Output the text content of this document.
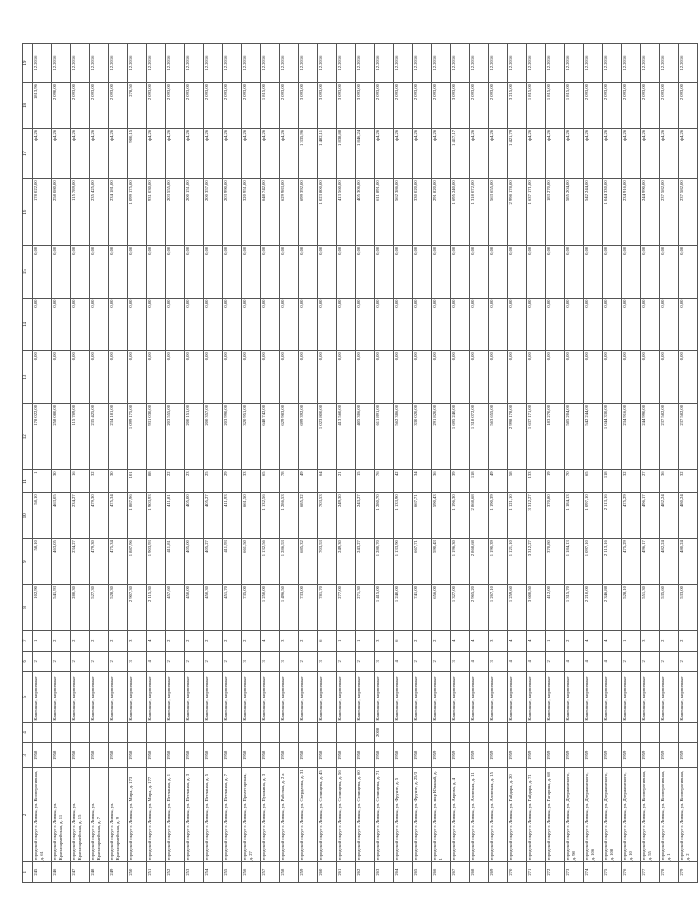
1	2	3	4	5	6	7	8	9	10	11	12	13	14	15	16	17	18	19
245	городской округ г. Ливны, ул. Кооперативная, д. 61	1958		Каменные, кирпичные	2	1	102,90	58,10	58,10	1	178 022,00	0,00	0,00	0,00	178 022,00	ф4,26	1813,96	12.2016
246	городской округ г. Ливны, ул. Красноармейская, д. 11	1958		Каменные, кирпичные	2	2	541,93	463,05	463,05	30	258 080,00	0,00	0,00	0,00	258 080,00	ф4,26	2 090,00	12.2016
247	городской округ г. Ливны, ул. Красноармейская, д. 15	1958		Каменные, кирпичные	2	2	280,30	234,27	234,27	16	115 789,00	0,00	0,00	0,00	115 789,00	ф4,26	2 093,00	12.2016
248	городской округ г. Ливны, ул. Красноармейская, д. 7	1958		Каменные, кирпичные	2	2	527,30	479,30	479,30	32	235 425,00	0,00	0,00	0,00	235 425,00	ф4,26	2 093,00	12.2016
249	городской округ г. Ливны, ул. Красноармейская, д. 9	1958		Каменные, кирпичные	2	2	528,30	475,34	475,34	30	234 181,00	0,00	0,00	0,00	234 181,00	ф4,26	2 093,00	12.2016
250	городской округ г. Ливны, ул. Мира, д. 173	1958		Каменные, кирпичные	3	3	2 907,30	1 887,96	1 887,96	101	1 099 175,00	0,00	0,00	0,00	1 099 175,00	900,15	278,50	12.2016
251	городской округ г. Ливны, ул. Мира, д. 177	1958		Каменные, кирпичные	4	4	2 115,30	1 903,93	1 903,93	88	931 030,00	0,00	0,00	0,00	931 030,00	ф4,26	2 093,00	12.2016
252	городской округ г. Ливны, ул. Песчаная, д. 1	1958		Каменные, кирпичные	2	2	457,60	411,81	411,81	22	203 555,00	0,00	0,00	0,00	203 555,00	ф4,26	2 093,00	12.2016
253	городской округ г. Ливны, ул. Песчаная, д. 3	1958		Каменные, кирпичные	2	2	450,00	405,00	405,00	23	200 151,00	0,00	0,00	0,00	200 151,00	ф4,26	2 093,00	12.2016
254	городской округ г. Ливны, ул. Песчаная, д. 5	1958		Каменные, кирпичные	2	2	450,30	405,27	405,27	25	200 357,00	0,00	0,00	0,00	200 357,00	ф4,26	2 093,00	12.2016
255	городской округ г. Ливны, ул. Песчаная, д. 7	1958		Каменные, кирпичные	2	2	451,70	411,93	411,93	29	203 990,00	0,00	0,00	0,00	203 990,00	ф4,26	2 093,00	12.2016
256	городской округ г. Ливны, ул. Пролетарская, д. 27	1958		Каменные, кирпичные	3	2	735,00	661,50	661,50	33	320 951,00	0,00	0,00	0,00	320 951,00	ф4,26	2 093,00	12.2016
257	городской округ г. Ливны, ул. Пушкина, д. 3	1958		Каменные, кирпичные	3	4	1 250,00	1 132,56	1 132,56	65	648 742,00	0,00	0,00	0,00	648 742,00	ф4,26	1 815,00	12.2016
258	городской округ г. Ливны, ул. Рабочая, д. 2 а	1958		Каменные, кирпичные	3	3	1 496,50	1 286,53	1 286,53	78	629 983,00	0,00	0,00	0,00	629 983,00	ф4,26	2 093,00	12.2016
259	городской округ г. Ливны, ул. Свердлова, д. 31	1958		Каменные, кирпичные	2	2	733,00	685,32	685,32	49	699 392,00	0,00	0,00	0,00	699 392,00	1 335,96	3 093,00	12.2016
260	городской округ г. Ливны, ул. Селищева, д. 45	1958		Каменные, кирпичные	3	6	781,70	703,53	703,53	64	1 023 800,00	0,00	0,00	0,00	1 023 800,00	1 482,11	3 093,00	12.2016
261	городской округ г. Ливны, ул. Селищева, д. 56	1958		Каменные, кирпичные	2	1	277,00	249,30	249,30	21	413 560,00	0,00	0,00	0,00	413 560,00	1 838,88	3 093,00	12.2016
262	городской округ г. Ливны, ул. Селищева, д. 60	1958		Каменные, кирпичные	2	1	271,30	243,27	243,27	15	405 306,00	0,00	0,00	0,00	405 306,00	1 846,24	3 093,00	12.2016
263	городской округ г. Ливны, ул. Селищева, д. 71	1958	2008	Каменные, кирпичные	3	3	1 415,00	1 280,70	1 280,70	76	611 891,00	0,00	0,00	0,00	611 891,00	ф4,26	2 093,00	12.2016
264	городской округ г. Ливны, ул. Фрунзе, д. 5	1958		Каменные, кирпичные	4	6	1 240,00	1 133,90	1 133,90	42	562 386,00	0,00	0,00	0,00	562 386,00	ф4,26	2 093,00	12.2016
265	городской округ г. Ливны, ул. Фрунзе, д. 25/3	1958		Каменные, кирпичные	2	2	741,00	667,71	667,71	34	330 020,00	0,00	0,00	0,00	330 020,00	ф4,26	2 093,00	12.2016
266	городской округ г. Ливны, ул. мкр Южный, д. 1	1959		Каменные, кирпичные	2	2	656,00	590,43	590,43	36	291 820,00	0,00	0,00	0,00	291 820,00	ф4,26	2 093,00	12.2016
267	городской округ г. Ливны, ул. Аврова, д. 4	1959		Каменные, кирпичные	3	4	1 327,00	1 196,30	1 196,30	39	1 695 240,00	0,00	0,00	0,00	1 695 240,00	1 417,17	3 093,00	12.2016
268	городской округ г. Ливны, ул. Азовская, д. 11	1959		Каменные, кирпичные	4	4	2 965,20	2 868,68	2 868,68	118	1 318 072,00	0,00	0,00	0,00	1 318 072,00	ф4,26	2 093,00	12.2016
269	городской округ г. Ливны, ул. Азовская, д. 15	1959		Каменные, кирпичные	3	3	1 267,10	1 190,39	1 190,39	49	563 655,00	0,00	0,00	0,00	563 655,00	ф4,26	2 093,00	12.2016
270	городской округ г. Ливны, ул. Гайдара, д. 20	1959		Каменные, кирпичные	4	4	1 259,60	1 121,10	1 121,10	58	2 998 178,00	0,00	0,00	0,00	2 998 178,00	1 421,79	3 215,00	12.2016
271	городской округ г. Ливны, ул. Гайдара, д. 71	1959		Каменные, кирпичные	4	4	3 600,50	3 312,27	3 312,27	133	1 637 171,00	0,00	0,00	0,00	1 637 171,00	ф4,26	1 815,00	12.2016
272	городской округ г. Ливны, ул. Гагарина, д. 68	1959		Каменные, кирпичные	2	1	412,00	370,80	370,80	19	183 270,00	0,00	0,00	0,00	183 270,00	ф4,26	1 815,00	12.2016
273	городской округ г. Ливны, ул. Дзержинского, д. 98	1959		Каменные, кирпичные	4	2	1 315,70	1 184,13	1 184,13	70	585 204,00	0,00	0,00	0,00	585 204,00	ф4,26	1 815,00	12.2016
274	городской округ г. Ливны, ул. Дзержинского, д. 106	1959		Каменные, кирпичные	4	4	2 210,00	1 097,10	1 097,10	65	542 244,00	0,00	0,00	0,00	542 244,00	ф4,26	2 093,00	12.2016
275	городской округ г. Ливны, ул. Дзержинского, д. 108	1959		Каменные, кирпичные	4	4	2 346,88	2 113,16	2 113,16	118	1 044 330,00	0,00	0,00	0,00	1 044 330,00	ф4,26	2 093,00	12.2016
276	городской округ г. Ливны, ул. Дзержинского, д. 10	1959		Каменные, кирпичные	2	1	528,10	475,29	475,29	32	234 916,00	0,00	0,00	0,00	234 916,00	ф4,26	2 093,00	12.2016
277	городской округ г. Ливны, ул. Кооперативная, д. 55	1959		Каменные, кирпичные	2	3	551,30	496,17	496,17	27	244 990,00	0,00	0,00	0,00	244 990,00	ф4,26	2 093,00	12.2016
278	городской округ г. Ливны, ул. Кооперативная, д. 1	1959		Каменные, кирпичные	2	2	535,60	482,24	482,24	36	237 582,00	0,00	0,00	0,00	237 582,00	ф4,26	2 093,00	12.2016
279	городской округ г. Ливны, ул. Кооперативная, д. 2	1959		Каменные, кирпичные	2	2	533,00	480,24	480,24	32	237 582,00	0,00	0,00	0,00	237 582,00	ф4,26	2 093,00	12.2016
